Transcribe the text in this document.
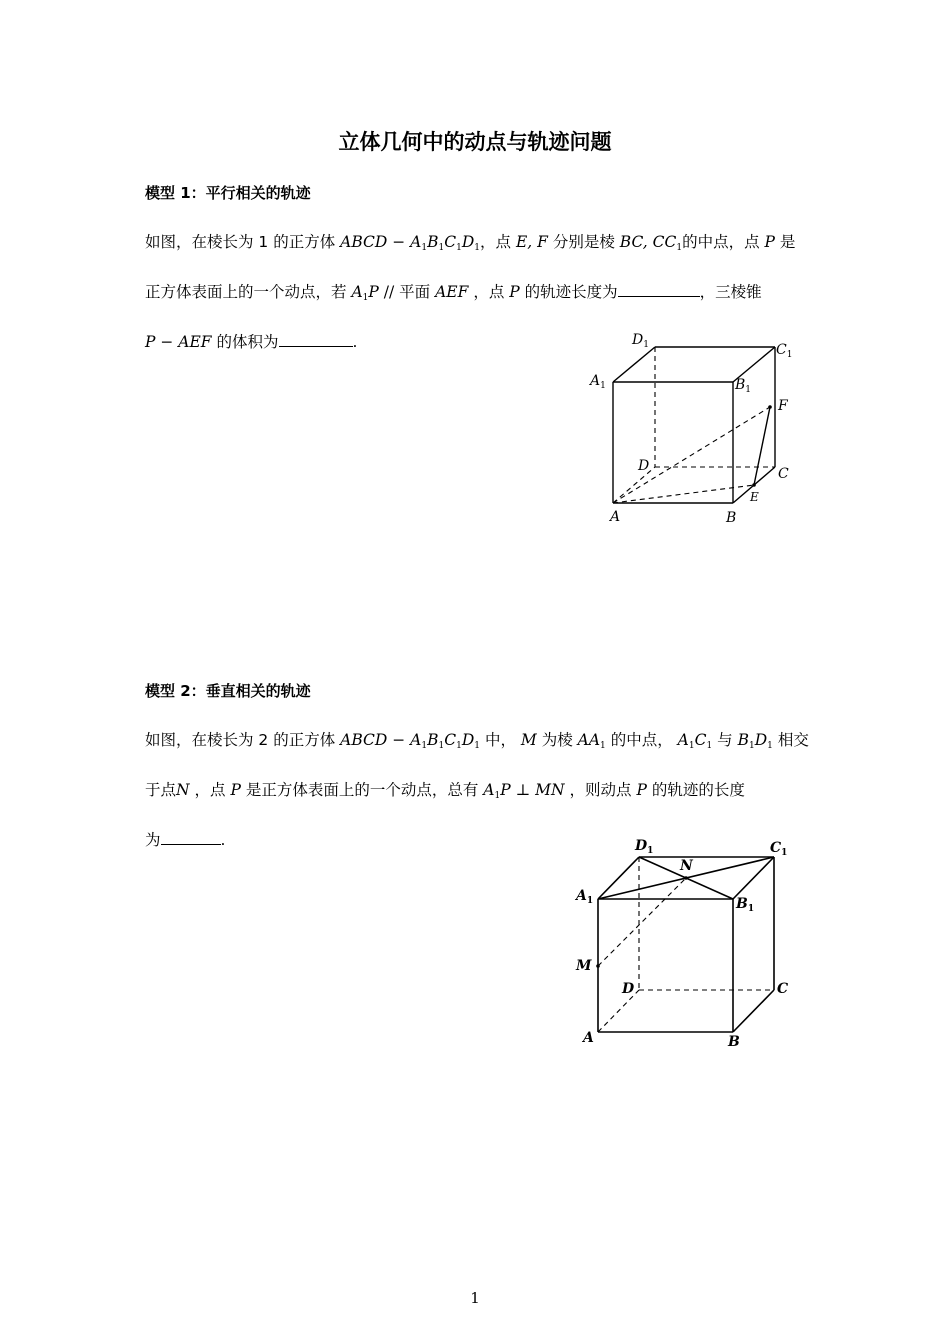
立体几何中的动点与轨迹问题
模型 1：平行相关的轨迹
如图，在棱长为 1 的正方体 ABCD − $A_1B_1C_1D_1$，点 E, F 分别是棱 BC, $CC_1$的中点，点 P 是
正方体表面上的一个动点，若 $A_1P$ // 平面 AEF ，点 P 的轨迹长度为	，三棱锥
P − AEF 的体积为	.	$D_1$	$C_1$
$A_1$	$B_1$
F
D	C
E
A	B
模型 2：垂直相关的轨迹
如图，在棱长为 2 的正方体 ABCD − $A_1B_1C_1D_1$ 中， M 为棱 $AA_1$ 的中点， $A_1C_1$ 与 $B_1D_1$ 相交
于点N ，点 P 是正方体表面上的一个动点，总有 $A_1P$ ⊥ MN ，则动点 P 的轨迹的长度
为	.	$D_1$	$C_1$
N
$A_1$	$B_1$
M
D	C
A	B
1
